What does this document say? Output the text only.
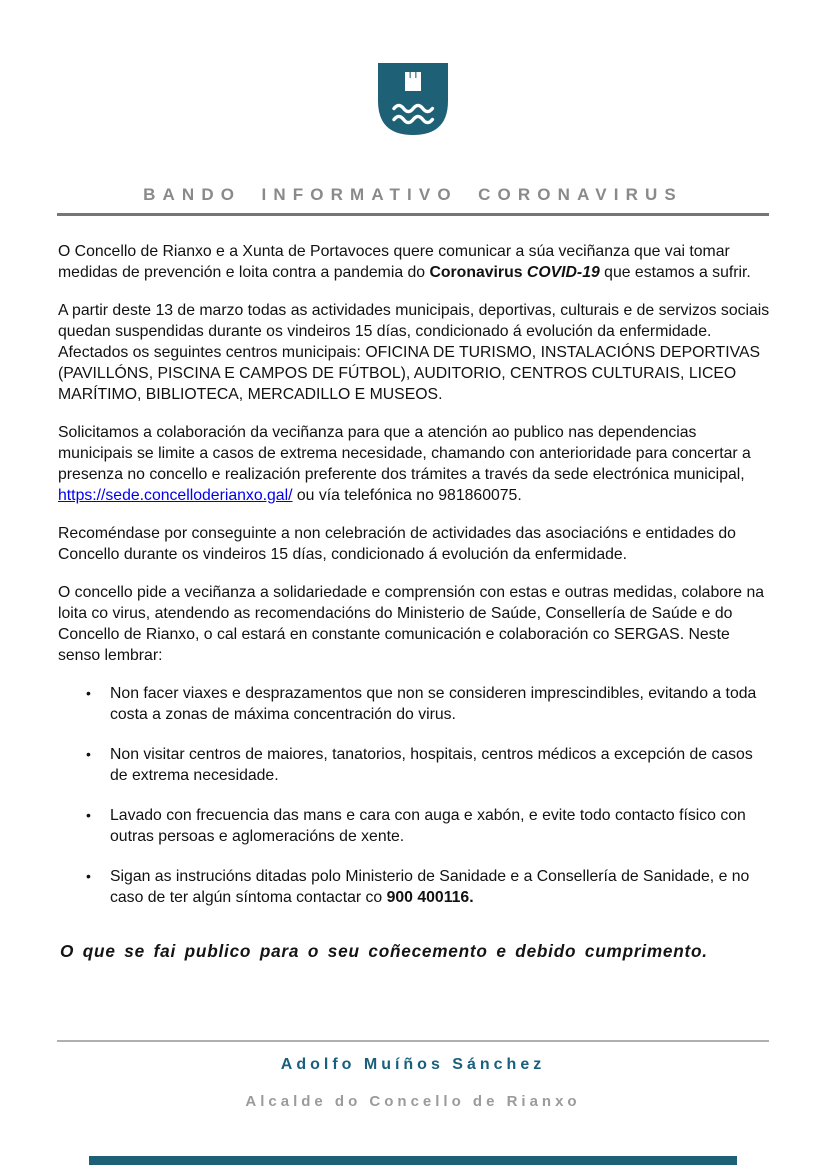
BANDO INFORMATIVO CORONAVIRUS

O Concello de Rianxo e a Xunta de Portavoces quere comunicar a súa veciñanza que vai tomar medidas de prevención e loita contra a pandemia do Coronavirus COVID-19 que estamos a sufrir.

A partir deste 13 de marzo todas as actividades municipais, deportivas, culturais e de servizos sociais quedan suspendidas durante os vindeiros 15 días, condicionado á evolución da enfermidade.  Afectados os seguintes centros municipais: OFICINA DE TURISMO, INSTALACIÓNS DEPORTIVAS (PAVILLÓNS, PISCINA E CAMPOS DE FÚTBOL), AUDITORIO, CENTROS CULTURAIS, LICEO MARÍTIMO, BIBLIOTECA, MERCADILLO E MUSEOS.

Solicitamos a colaboración da veciñanza para que a atención ao publico nas dependencias municipais se limite a casos de extrema necesidade, chamando con anterioridade para concertar a presenza no concello e realización preferente dos trámites a través da sede electrónica municipal, https://sede.concelloderianxo.gal/ ou vía telefónica no 981860075.

Recoméndase por conseguinte a non celebración de actividades das asociacións e entidades do Concello durante os vindeiros 15 días, condicionado á evolución da enfermidade.

O concello pide a veciñanza a solidariedade e comprensión con estas e outras medidas, colabore na loita co virus, atendendo as recomendacións do Ministerio de Saúde, Consellería de Saúde e do Concello de Rianxo, o cal estará en constante comunicación e colaboración co SERGAS. Neste senso lembrar:

•	Non facer viaxes e desprazamentos que non se consideren imprescindibles, evitando a toda costa a zonas de máxima concentración do virus.
•	Non visitar centros de maiores, tanatorios, hospitais, centros médicos a excepción de casos de extrema necesidade.
•	Lavado con frecuencia das mans e cara con auga e xabón, e evite todo contacto físico con outras persoas e aglomeracións de xente.
•	Sigan as instrucións ditadas polo Ministerio de Sanidade e a Consellería de Sanidade, e no caso de ter algún síntoma contactar co 900 400116.

O que se fai publico para o seu coñecemento e debido cumprimento.

Adolfo Muíños Sánchez
Alcalde do Concello de Rianxo
